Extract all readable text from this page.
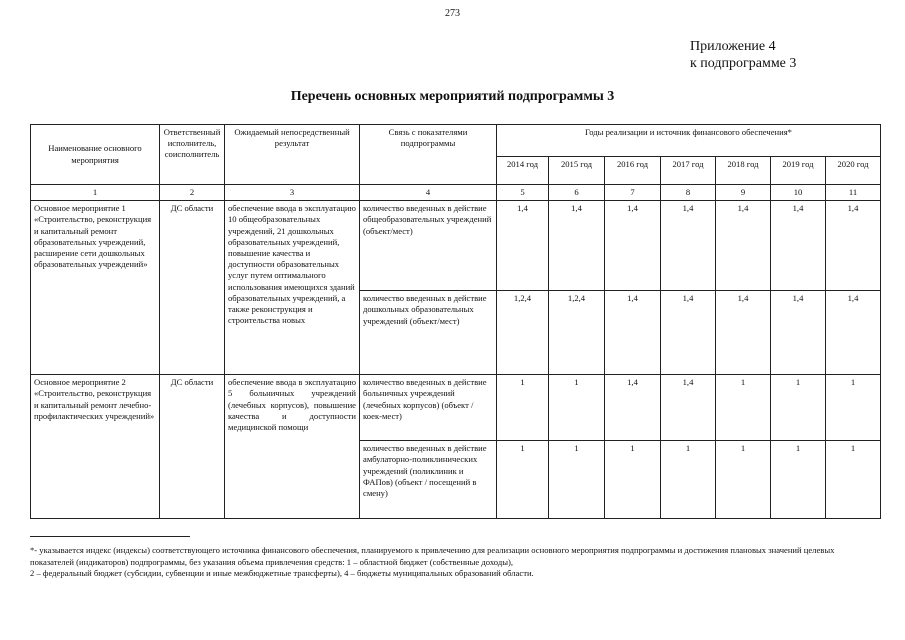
273
Приложение 4
к подпрограмме 3
Перечень основных мероприятий подпрограммы 3
Наименование основного мероприятия	Ответственный исполнитель, соисполнитель	Ожидаемый непосредственный результат	Связь с показателями подпрограммы	Годы реализации и источник финансового обеспечения*						
				2014 год	2015 год	2016 год	2017 год	2018 год	2019 год	2020 год
1	2	3	4	5	6	7	8	9	10	11
Основное мероприятие 1 «Строительство, реконструкция и капитальный ремонт образовательных учреждений, расширение сети дошкольных образовательных учреждений»	ДС области	обеспечение ввода в эксплуатацию 10 общеобразовательных учреждений, 21 дошкольных образовательных учреждений, повышение качества и доступности образовательных услуг путем оптимального использования имеющихся зданий образовательных учреждений, а также реконструкция и строительства новых	количество введенных в действие общеобразовательных учреждений (объект/мест)	1,4	1,4	1,4	1,4	1,4	1,4	1,4
			количество введенных в действие дошкольных образовательных учреждений (объект/мест)	1,2,4	1,2,4	1,4	1,4	1,4	1,4	1,4
Основное мероприятие 2 «Строительство, реконструкция и капитальный ремонт лечебно-профилактических учреждений»	ДС области	обеспечение ввода в эксплуатацию 5 больничных учреждений (лечебных корпусов), повышение качества и доступности медицинской помощи	количество введенных в действие больничных учреждений (лечебных корпусов) (объект / коек-мест)	1	1	1,4	1,4	1	1	1
			количество введенных в действие амбулаторно-поликлинических учреждений (поликлиник и ФАПов) (объект / посещений в смену)	1	1	1	1	1	1	1

*- указывается индекс (индексы) соответствующего источника финансового обеспечения, планируемого к привлечению для реализации основного мероприятия подпрограммы и достижения плановых значений целевых показателей (индикаторов) подпрограммы, без указания объема привлечения средств: 1 – областной бюджет (собственные доходы),

2 – федеральный бюджет (субсидии, субвенции и иные межбюджетные трансферты), 4 – бюджеты муниципальных образований области.
